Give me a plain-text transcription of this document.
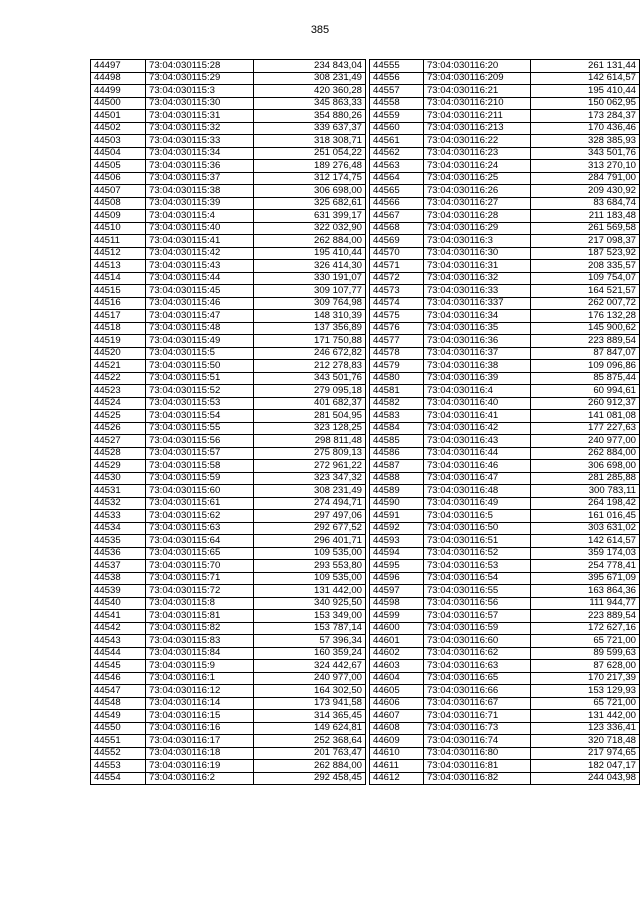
385
44497	73:04:030115:28	234 843,04
44498	73:04:030115:29	308 231,49
44499	73:04:030115:3	420 360,28
44500	73:04:030115:30	345 863,33
44501	73:04:030115:31	354 880,26
44502	73:04:030115:32	339 637,37
44503	73:04:030115:33	318 308,71
44504	73:04:030115:34	251 054,22
44505	73:04:030115:36	189 276,48
44506	73:04:030115:37	312 174,75
44507	73:04:030115:38	306 698,00
44508	73:04:030115:39	325 682,61
44509	73:04:030115:4	631 399,17
44510	73:04:030115:40	322 032,90
44511	73:04:030115:41	262 884,00
44512	73:04:030115:42	195 410,44
44513	73:04:030115:43	326 414,30
44514	73:04:030115:44	330 191,07
44515	73:04:030115:45	309 107,77
44516	73:04:030115:46	309 764,98
44517	73:04:030115:47	148 310,39
44518	73:04:030115:48	137 356,89
44519	73:04:030115:49	171 750,88
44520	73:04:030115:5	246 672,82
44521	73:04:030115:50	212 278,83
44522	73:04:030115:51	343 501,76
44523	73:04:030115:52	279 095,18
44524	73:04:030115:53	401 682,37
44525	73:04:030115:54	281 504,95
44526	73:04:030115:55	323 128,25
44527	73:04:030115:56	298 811,48
44528	73:04:030115:57	275 809,13
44529	73:04:030115:58	272 961,22
44530	73:04:030115:59	323 347,32
44531	73:04:030115:60	308 231,49
44532	73:04:030115:61	274 494,71
44533	73:04:030115:62	297 497,06
44534	73:04:030115:63	292 677,52
44535	73:04:030115:64	296 401,71
44536	73:04:030115:65	109 535,00
44537	73:04:030115:70	293 553,80
44538	73:04:030115:71	109 535,00
44539	73:04:030115:72	131 442,00
44540	73:04:030115:8	340 925,50
44541	73:04:030115:81	153 349,00
44542	73:04:030115:82	153 787,14
44543	73:04:030115:83	57 396,34
44544	73:04:030115:84	160 359,24
44545	73:04:030115:9	324 442,67
44546	73:04:030116:1	240 977,00
44547	73:04:030116:12	164 302,50
44548	73:04:030116:14	173 941,58
44549	73:04:030116:15	314 365,45
44550	73:04:030116:16	149 624,81
44551	73:04:030116:17	252 368,64
44552	73:04:030116:18	201 763,47
44553	73:04:030116:19	262 884,00
44554	73:04:030116:2	292 458,45
44555	73:04:030116:20	261 131,44
44556	73:04:030116:209	142 614,57
44557	73:04:030116:21	195 410,44
44558	73:04:030116:210	150 062,95
44559	73:04:030116:211	173 284,37
44560	73:04:030116:213	170 436,46
44561	73:04:030116:22	328 385,93
44562	73:04:030116:23	343 501,76
44563	73:04:030116:24	313 270,10
44564	73:04:030116:25	284 791,00
44565	73:04:030116:26	209 430,92
44566	73:04:030116:27	83 684,74
44567	73:04:030116:28	211 183,48
44568	73:04:030116:29	261 569,58
44569	73:04:030116:3	217 098,37
44570	73:04:030116:30	187 523,92
44571	73:04:030116:31	208 335,57
44572	73:04:030116:32	109 754,07
44573	73:04:030116:33	164 521,57
44574	73:04:030116:337	262 007,72
44575	73:04:030116:34	176 132,28
44576	73:04:030116:35	145 900,62
44577	73:04:030116:36	223 889,54
44578	73:04:030116:37	87 847,07
44579	73:04:030116:38	109 096,86
44580	73:04:030116:39	85 875,44
44581	73:04:030116:4	60 994,61
44582	73:04:030116:40	260 912,37
44583	73:04:030116:41	141 081,08
44584	73:04:030116:42	177 227,63
44585	73:04:030116:43	240 977,00
44586	73:04:030116:44	262 884,00
44587	73:04:030116:46	306 698,00
44588	73:04:030116:47	281 285,88
44589	73:04:030116:48	300 783,11
44590	73:04:030116:49	264 198,42
44591	73:04:030116:5	161 016,45
44592	73:04:030116:50	303 631,02
44593	73:04:030116:51	142 614,57
44594	73:04:030116:52	359 174,03
44595	73:04:030116:53	254 778,41
44596	73:04:030116:54	395 671,09
44597	73:04:030116:55	163 864,36
44598	73:04:030116:56	111 944,77
44599	73:04:030116:57	223 889,54
44600	73:04:030116:59	172 627,16
44601	73:04:030116:60	65 721,00
44602	73:04:030116:62	89 599,63
44603	73:04:030116:63	87 628,00
44604	73:04:030116:65	170 217,39
44605	73:04:030116:66	153 129,93
44606	73:04:030116:67	65 721,00
44607	73:04:030116:71	131 442,00
44608	73:04:030116:73	123 336,41
44609	73:04:030116:74	320 718,48
44610	73:04:030116:80	217 974,65
44611	73:04:030116:81	182 047,17
44612	73:04:030116:82	244 043,98
